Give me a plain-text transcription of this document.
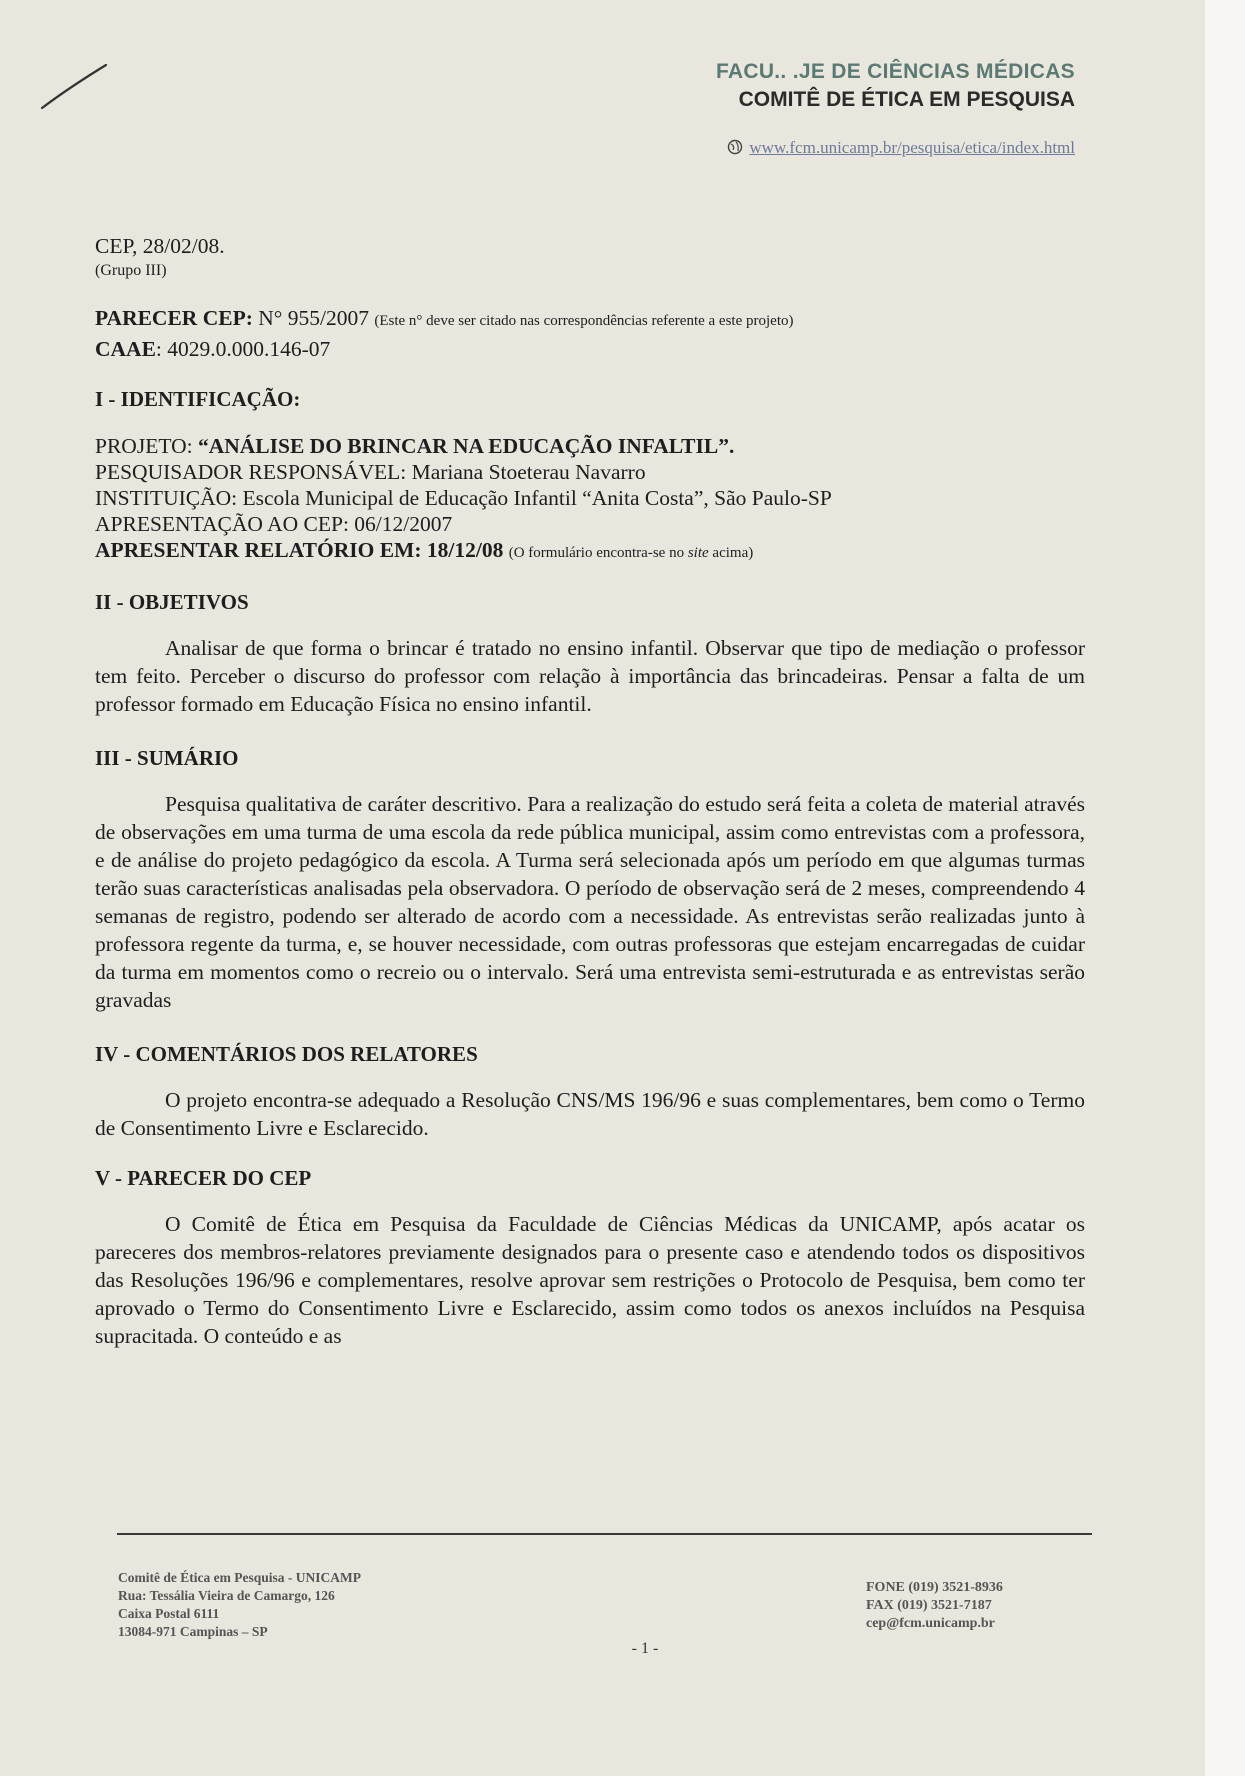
FACU.. .JE DE CIÊNCIAS MÉDICAS
COMITÊ DE ÉTICA EM PESQUISA
www.fcm.unicamp.br/pesquisa/etica/index.html
CEP, 28/02/08.
(Grupo III)
PARECER CEP: N° 955/2007 (Este n° deve ser citado nas correspondências referente a este projeto)
CAAE: 4029.0.000.146-07
I - IDENTIFICAÇÃO:
PROJETO: “ANÁLISE DO BRINCAR NA EDUCAÇÃO INFALTIL”.
PESQUISADOR RESPONSÁVEL: Mariana Stoeterau Navarro
INSTITUIÇÃO: Escola Municipal de Educação Infantil “Anita Costa”, São Paulo-SP
APRESENTAÇÃO AO CEP: 06/12/2007
APRESENTAR RELATÓRIO EM: 18/12/08 (O formulário encontra-se no site acima)
II - OBJETIVOS
Analisar de que forma o brincar é tratado no ensino infantil. Observar que tipo de mediação o professor tem feito. Perceber o discurso do professor com relação à importância das brincadeiras. Pensar a falta de um professor formado em Educação Física no ensino infantil.
III - SUMÁRIO
Pesquisa qualitativa de caráter descritivo. Para a realização do estudo será feita a coleta de material através de observações em uma turma de uma escola da rede pública municipal, assim como entrevistas com a professora, e de análise do projeto pedagógico da escola. A Turma será selecionada após um período em que algumas turmas terão suas características analisadas pela observadora. O período de observação será de 2 meses, compreendendo 4 semanas de registro, podendo ser alterado de acordo com a necessidade. As entrevistas serão realizadas junto à professora regente da turma, e, se houver necessidade, com outras professoras que estejam encarregadas de cuidar da turma em momentos como o recreio ou o intervalo. Será uma entrevista semi-estruturada e as entrevistas serão gravadas
IV - COMENTÁRIOS DOS RELATORES
O projeto encontra-se adequado a Resolução CNS/MS 196/96 e suas complementares, bem como o Termo de Consentimento Livre e Esclarecido.
V - PARECER DO CEP
O Comitê de Ética em Pesquisa da Faculdade de Ciências Médicas da UNICAMP, após acatar os pareceres dos membros-relatores previamente designados para o presente caso e atendendo todos os dispositivos das Resoluções 196/96 e complementares, resolve aprovar sem restrições o Protocolo de Pesquisa, bem como ter aprovado o Termo do Consentimento Livre e Esclarecido, assim como todos os anexos incluídos na Pesquisa supracitada. O conteúdo e as
Comitê de Ética em Pesquisa - UNICAMP
Rua: Tessália Vieira de Camargo, 126
Caixa Postal 6111
13084-971 Campinas – SP
FONE (019) 3521-8936
FAX (019) 3521-7187
cep@fcm.unicamp.br
- 1 -
